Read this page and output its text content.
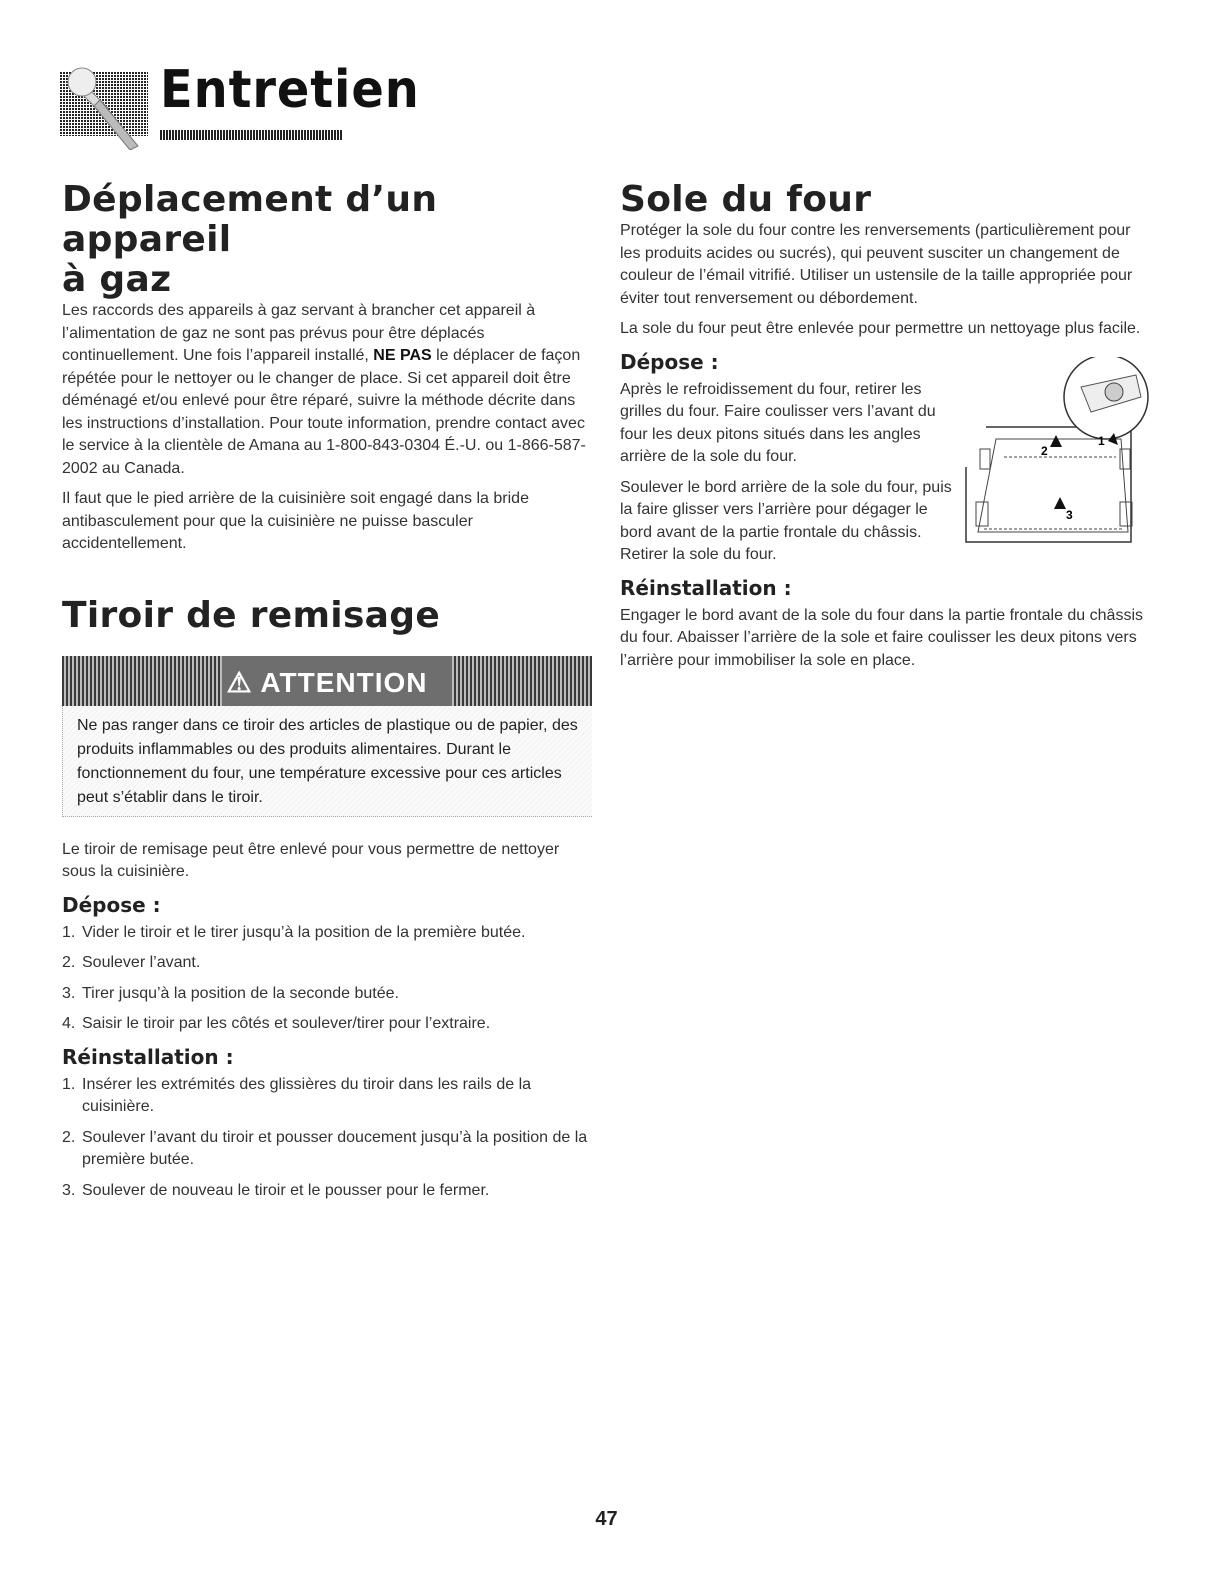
Entretien
Déplacement d’un appareil
à gaz

Les raccords des appareils à gaz servant à brancher cet appareil à l’alimentation de gaz ne sont pas prévus pour être déplacés continuellement. Une fois l’appareil installé, NE PAS le déplacer de façon répétée pour le nettoyer ou le changer de place. Si cet appareil doit être déménagé et/ou enlevé pour être réparé, suivre la méthode décrite dans les instructions d’installation. Pour toute information, prendre contact avec le service à la clientèle de Amana au 1-800-843-0304 É.-U. ou 1-866-587-2002 au Canada.

Il faut que le pied arrière de la cuisinière soit engagé dans la bride antibasculement pour que la cuisinière ne puisse basculer accidentellement.

Tiroir de remisage
⚠ ATTENTION

Ne pas ranger dans ce tiroir des articles de plastique ou de papier, des produits inflammables ou des produits alimentaires. Durant le fonctionnement du four, une température excessive pour ces articles peut s’établir dans le tiroir.

Le tiroir de remisage peut être enlevé pour vous permettre de nettoyer sous la cuisinière.

Dépose :
1. Vider le tiroir et le tirer jusqu’à la position de la première butée.
2. Soulever l’avant.
3. Tirer jusqu’à la position de la seconde butée.
4. Saisir le tiroir par les côtés et soulever/tirer pour l’extraire.
Réinstallation :
1. Insérer les extrémités des glissières du tiroir dans les rails de la cuisinière.
2. Soulever l’avant du tiroir et pousser doucement jusqu’à la position de la première butée.
3. Soulever de nouveau le tiroir et le pousser pour le fermer.
Sole du four

Protéger la sole du four contre les renversements (particulièrement pour les produits acides ou sucrés), qui peuvent susciter un changement de couleur de l’émail vitrifié. Utiliser un ustensile de la taille appropriée pour éviter tout renversement ou débordement.

La sole du four peut être enlevée pour permettre un nettoyage plus facile.

Dépose :

Après le refroidissement du four, retirer les grilles du four. Faire coulisser vers l’avant du four les deux pitons situés dans les angles arrière de la sole du four.

Soulever le bord arrière de la sole du four, puis la faire glisser vers l’arrière pour dégager le bord avant de la partie frontale du châssis. Retirer la sole du four.

1
2
3
Réinstallation :

Engager le bord avant de la sole du four dans la partie frontale du châssis du four. Abaisser l’arrière de la sole et faire coulisser les deux pitons vers l’arrière pour immobiliser la sole en place.

47
